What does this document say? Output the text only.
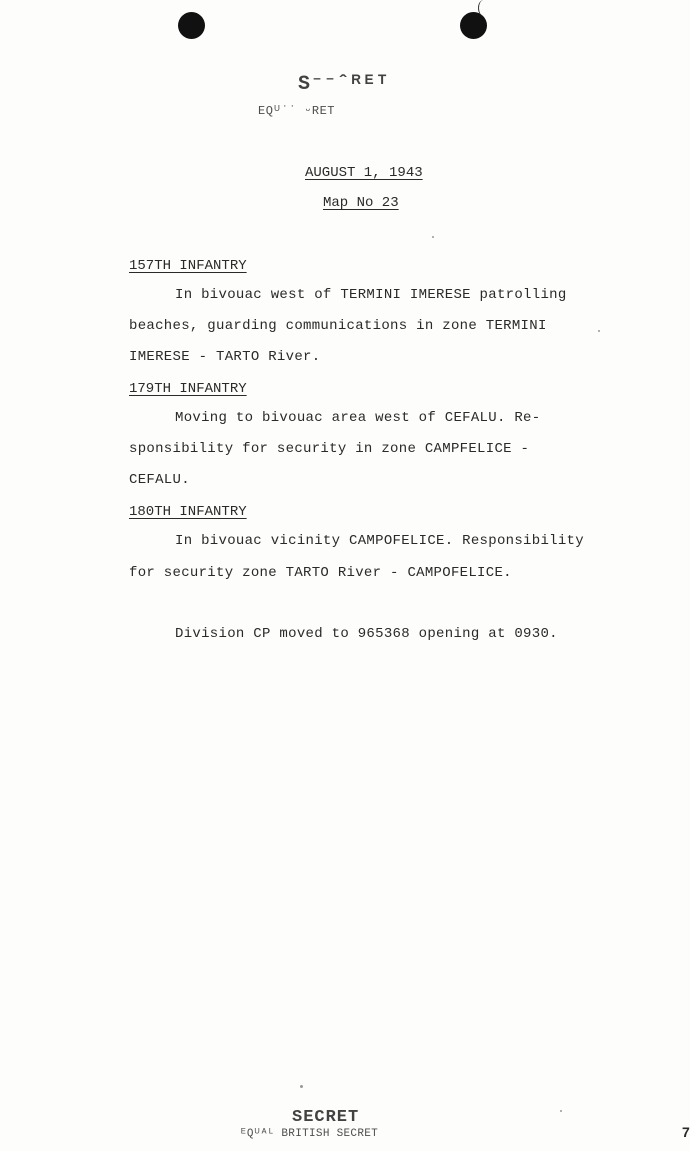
S⁻⁻ˆᴿᴱᵀ
EQᵁ˙˙ ᵕRET
AUGUST 1, 1943
Map No 23
157TH INFANTRY
In bivouac west of TERMINI IMERESE patrolling
beaches, guarding communications in zone TERMINI
IMERESE - TARTO River.
179TH INFANTRY
Moving to bivouac area west of CEFALU. Re-
sponsibility for security in zone CAMPFELICE -
CEFALU.
180TH INFANTRY
In bivouac vicinity CAMPOFELICE. Responsibility
for security zone TARTO River - CAMPOFELICE.
Division CP moved to 965368 opening at 0930.
SECRET
ᴱQᵁᴬᴸ BRITISH SECRET	7
